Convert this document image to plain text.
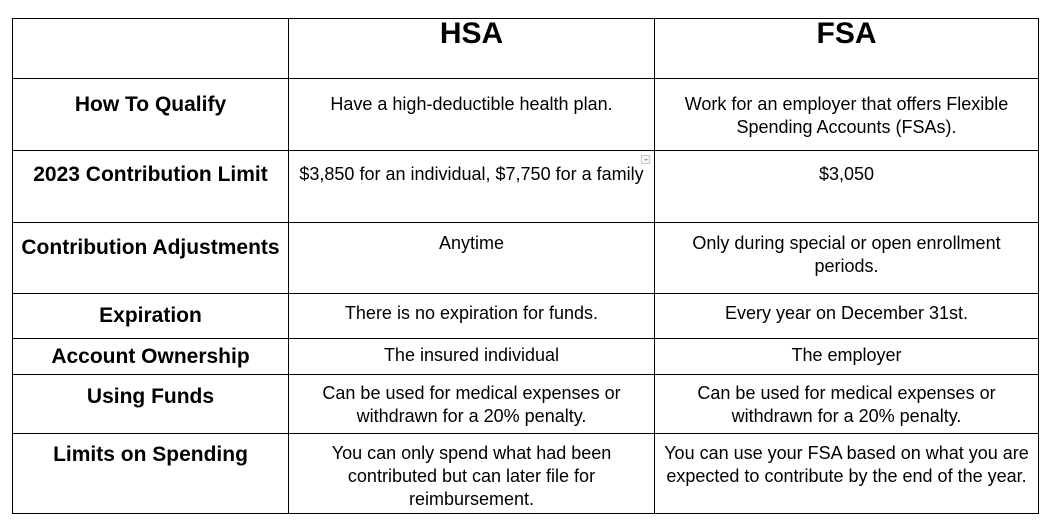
	HSA	FSA
How To Qualify	Have a high-deductible health plan.	Work for an employer that offers Flexible Spending Accounts (FSAs).
2023 Contribution Limit	$3,850 for an individual, $7,750 for a family	$3,050
Contribution Adjustments	Anytime	Only during special or open enrollment periods.
Expiration	There is no expiration for funds.	Every year on December 31st.
Account Ownership	The insured individual	The employer
Using Funds	Can be used for medical expenses or withdrawn for a 20% penalty.	Can be used for medical expenses or withdrawn for a 20% penalty.
Limits on Spending	You can only spend what had been contributed but can later file for reimbursement.	You can use your FSA based on what you are expected to contribute by the end of the year.
